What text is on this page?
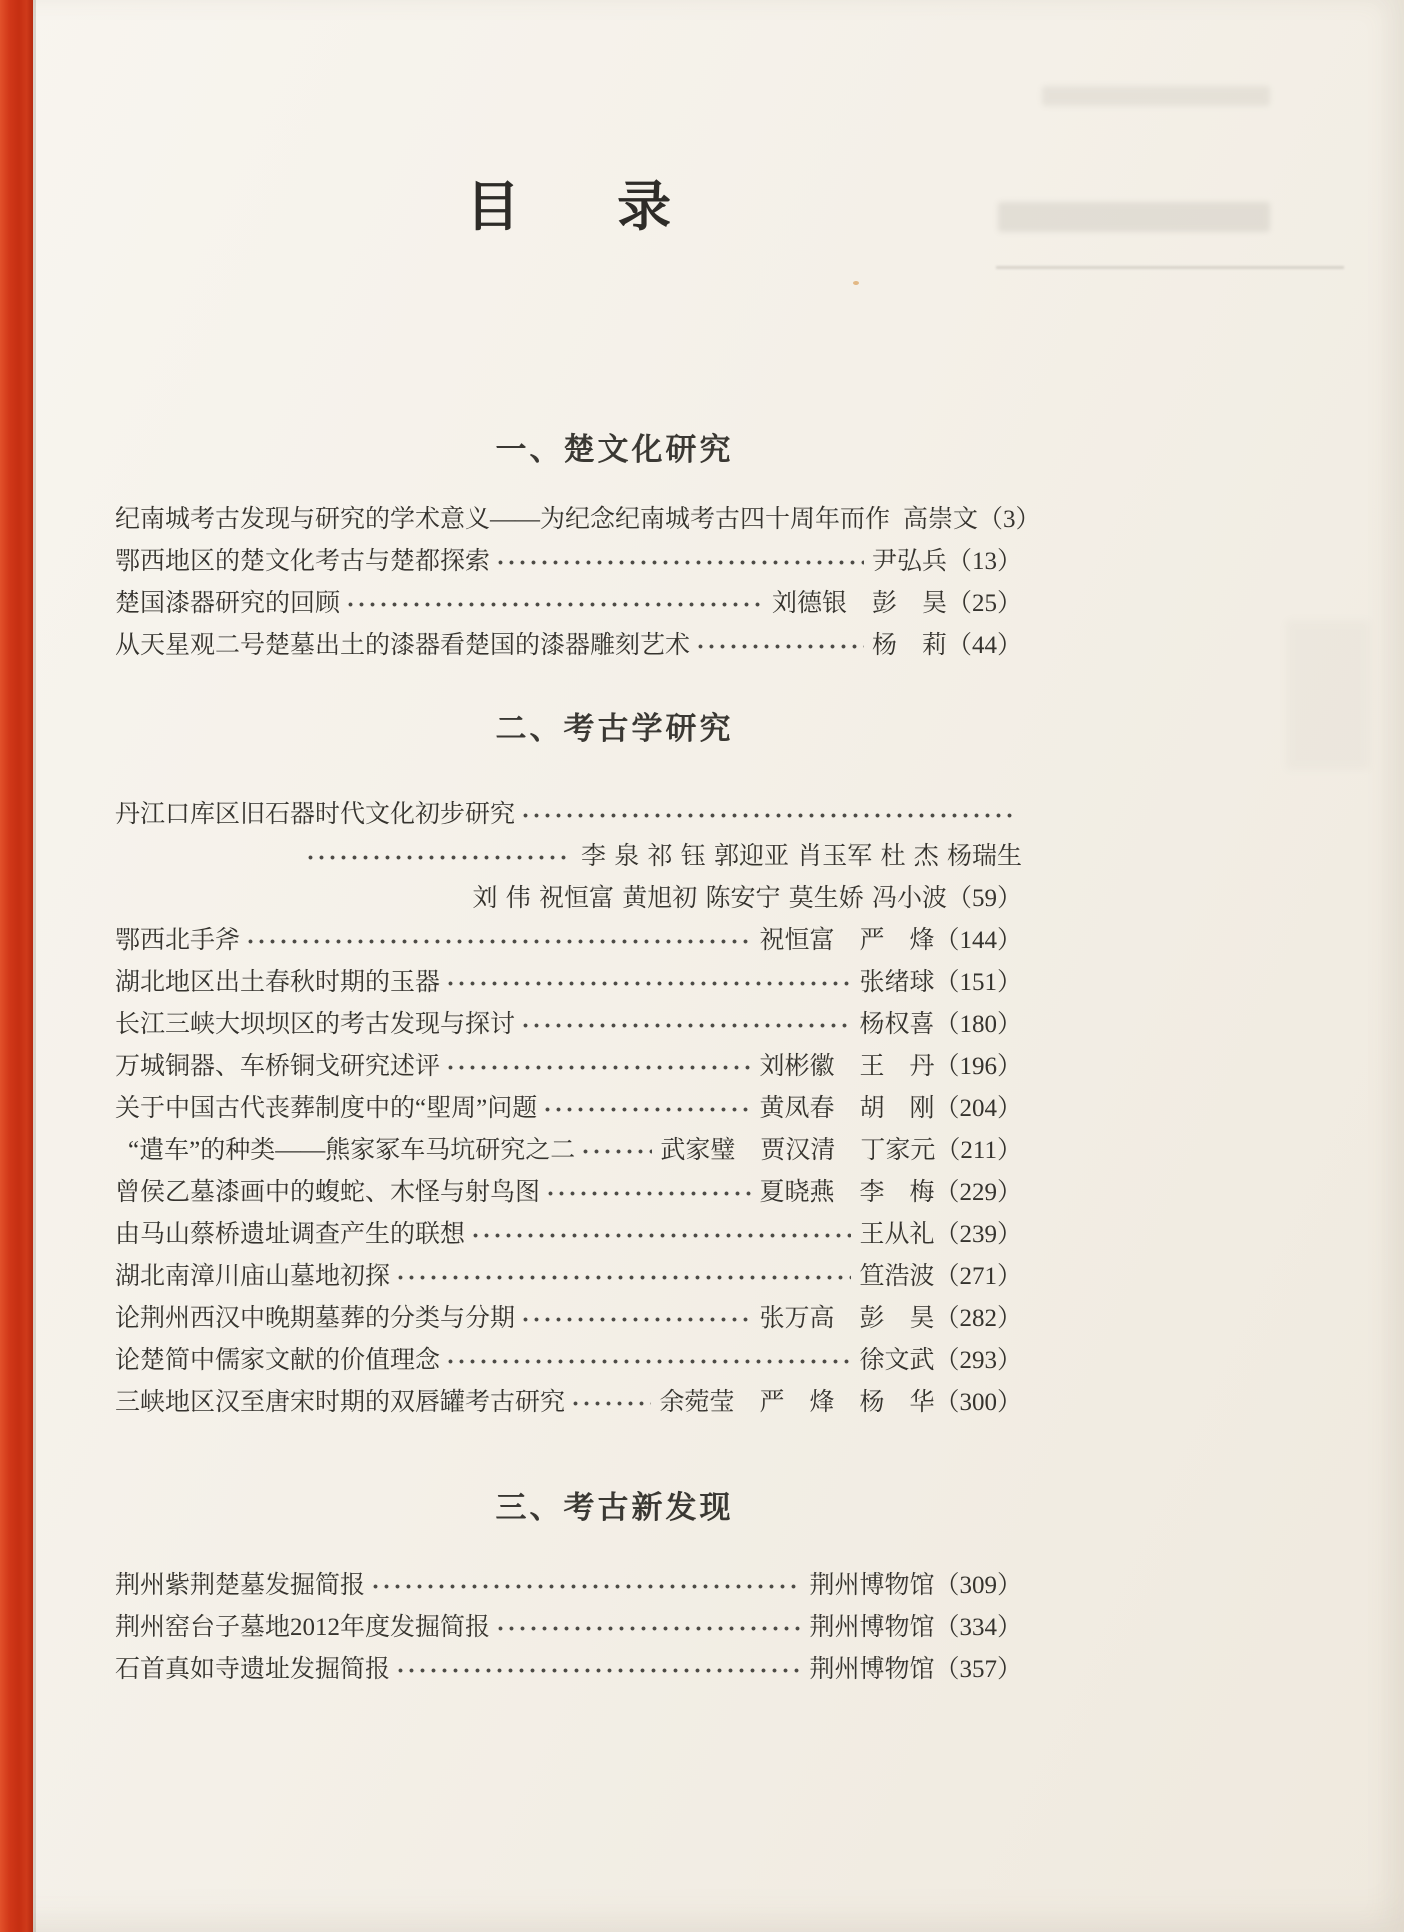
目　录
一、楚文化研究
纪南城考古发现与研究的学术意义——为纪念纪南城考古四十周年而作 高崇文 （3）
鄂西地区的楚文化考古与楚都探索	尹弘兵 （13）
楚国漆器研究的回顾	刘德银　彭　昊 （25）
从天星观二号楚墓出土的漆器看楚国的漆器雕刻艺术	杨　莉 （44）
二、考古学研究
丹江口库区旧石器时代文化初步研究
李 泉 祁 钰 郭迎亚 肖玉军 杜 杰 杨瑞生
刘 伟 祝恒富 黄旭初 陈安宁 莫生娇 冯小波 （59）
鄂西北手斧	祝恒富　严　烽 （144）
湖北地区出土春秋时期的玉器	张绪球 （151）
长江三峡大坝坝区的考古发现与探讨	杨权喜 （180）
万城铜器、车桥铜戈研究述评	刘彬徽　王　丹 （196）
关于中国古代丧葬制度中的“堲周”问题	黄凤春　胡　刚 （204）
“遣车”的种类——熊家冢车马坑研究之二	武家璧　贾汉清　丁家元 （211）
曾侯乙墓漆画中的蝮蛇、木怪与射鸟图	夏晓燕　李　梅 （229）
由马山蔡桥遗址调查产生的联想	王从礼 （239）
湖北南漳川庙山墓地初探	笪浩波 （271）
论荆州西汉中晚期墓葬的分类与分期	张万高　彭　昊 （282）
论楚简中儒家文献的价值理念	徐文武 （293）
三峡地区汉至唐宋时期的双唇罐考古研究	余菀莹　严　烽　杨　华 （300）
三、考古新发现
荆州紫荆楚墓发掘简报	荆州博物馆 （309）
荆州窑台子墓地2012年度发掘简报	荆州博物馆 （334）
石首真如寺遗址发掘简报	荆州博物馆 （357）
